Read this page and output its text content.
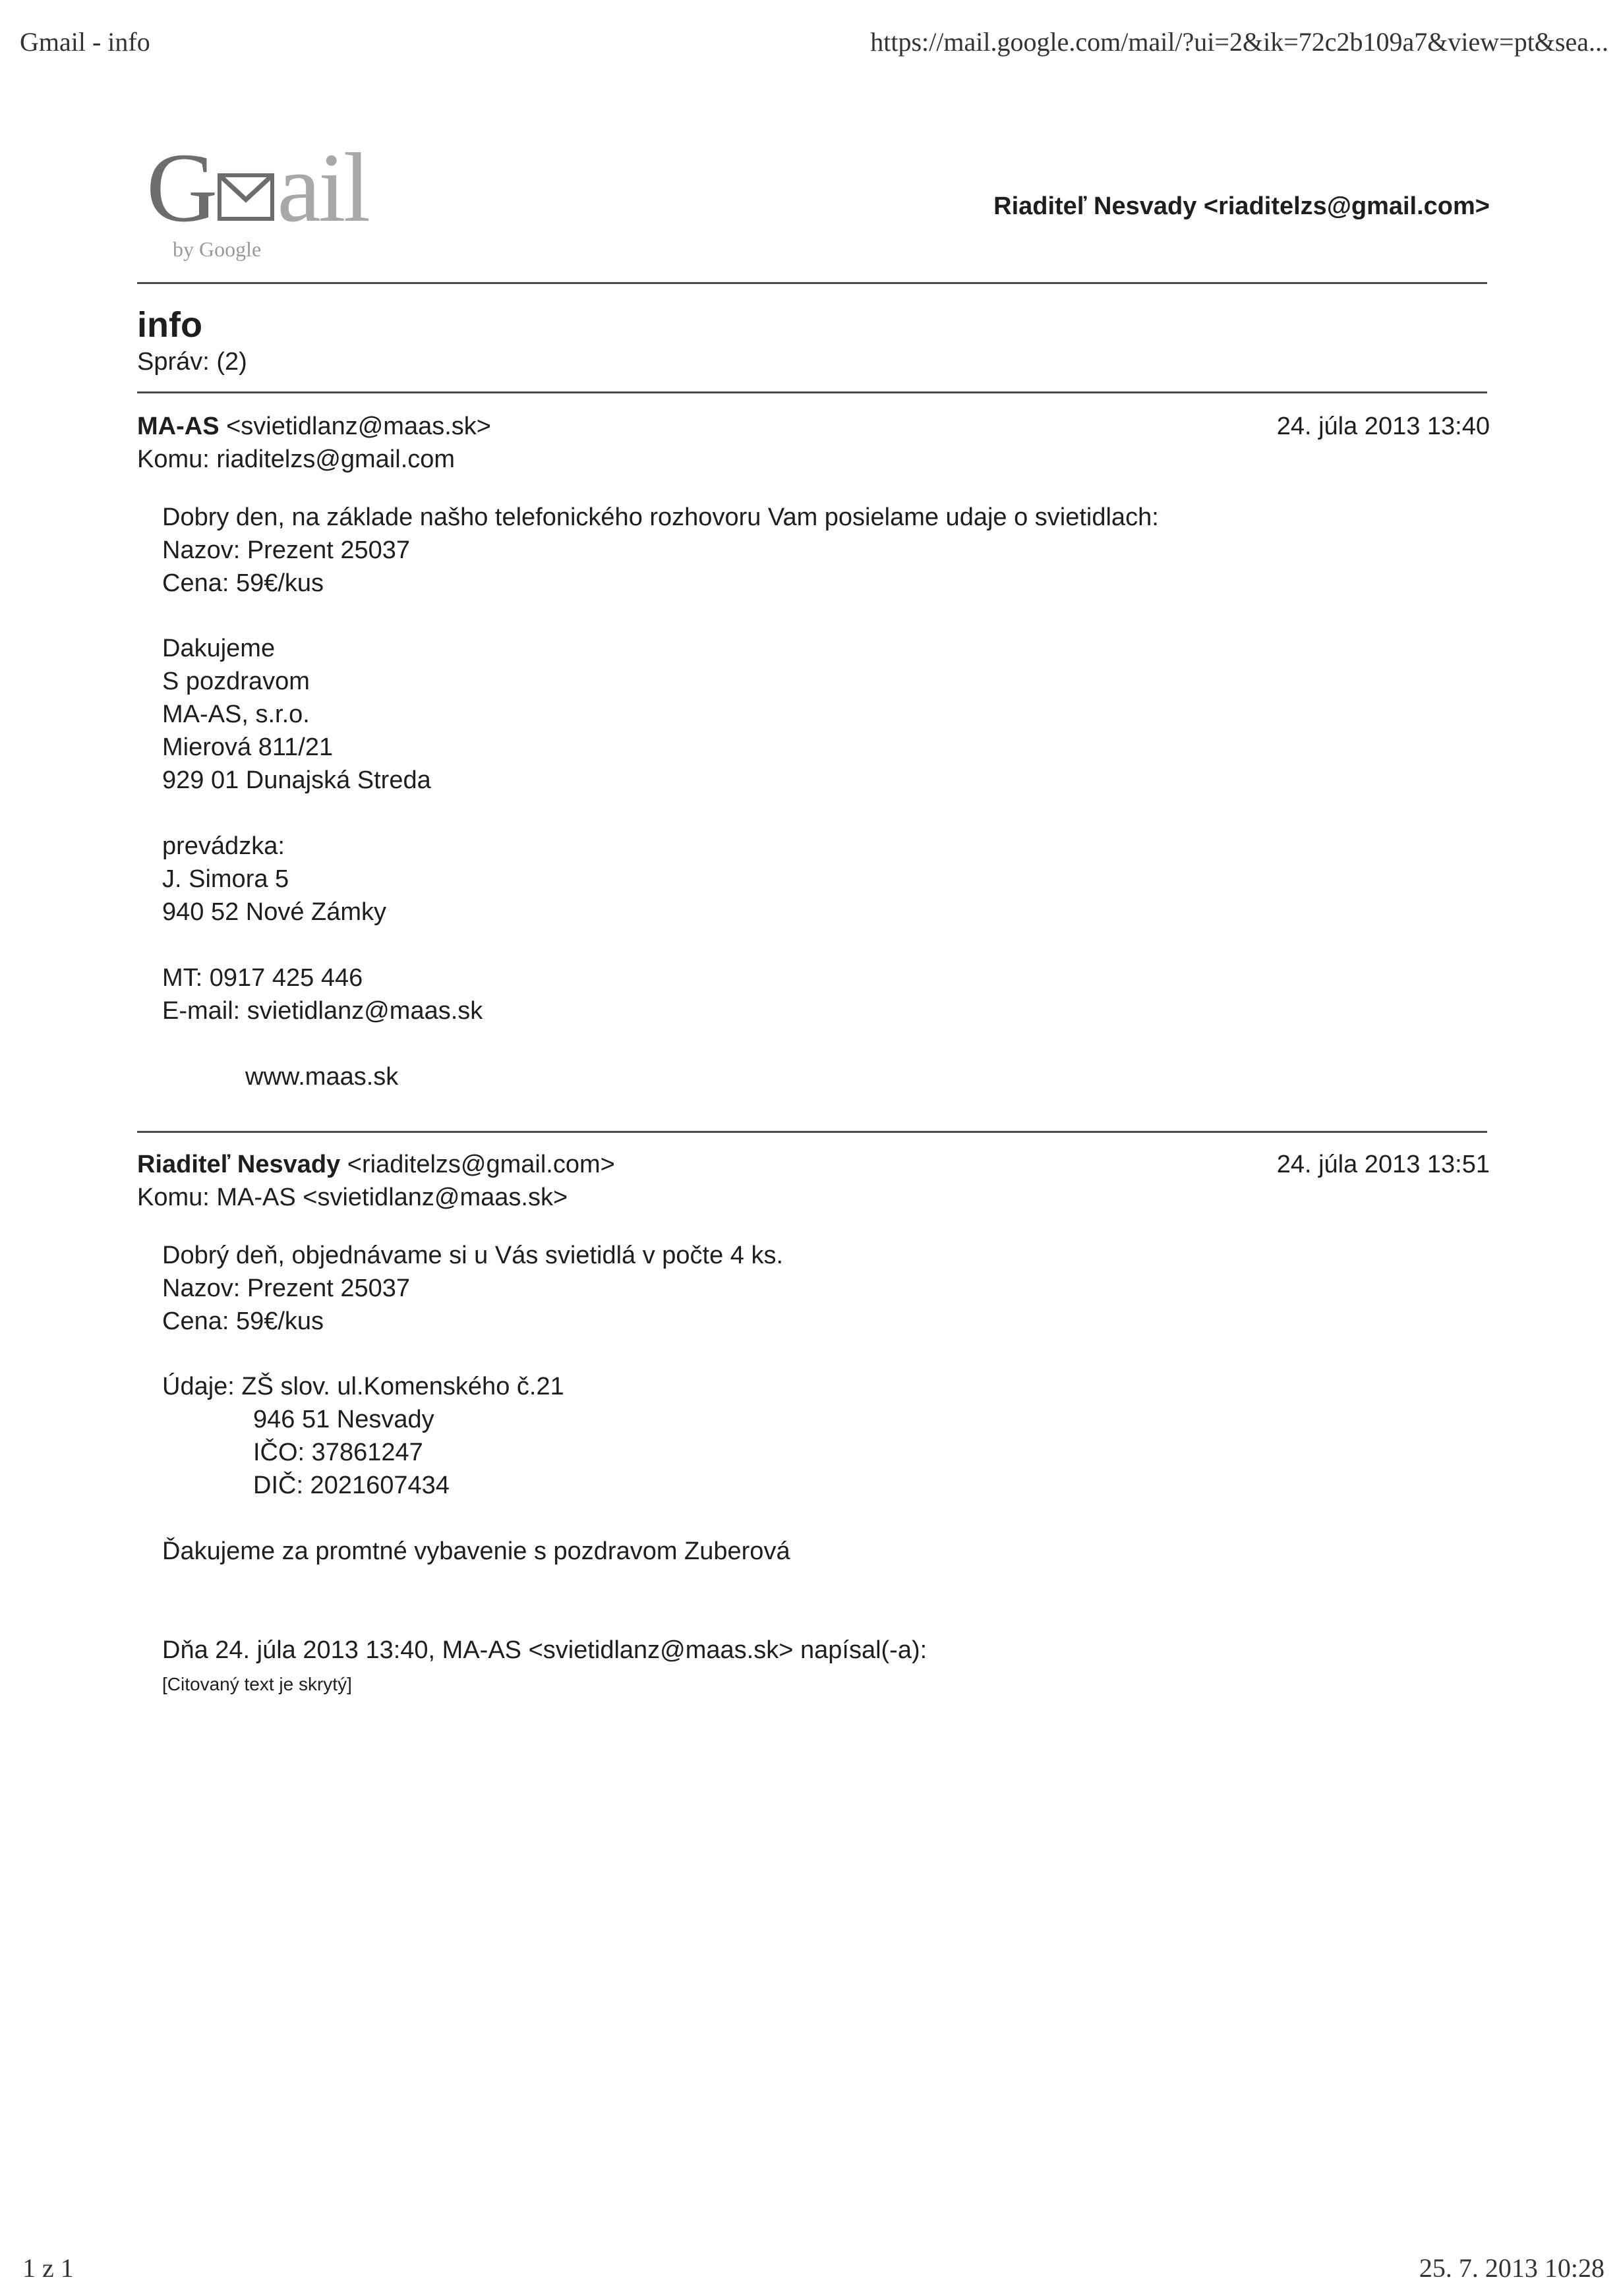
Gmail - info	https://mail.google.com/mail/?ui=2&ik=72c2b109a7&view=pt&sea...
G ail
by Google
Riaditeľ Nesvady <riaditelzs@gmail.com>
info
Správ: (2)
MA-AS <svietidlanz@maas.sk>	24. júla 2013 13:40
Komu: riaditelzs@gmail.com
Dobry den, na základe našho telefonického rozhovoru Vam posielame udaje o svietidlach:
Nazov: Prezent 25037
Cena: 59€/kus
Dakujeme
S pozdravom
MA-AS, s.r.o.
Mierová 811/21
929 01 Dunajská Streda
prevádzka:
J. Simora 5
940 52 Nové Zámky
MT: 0917 425 446
E-mail: svietidlanz@maas.sk
www.maas.sk
Riaditeľ Nesvady <riaditelzs@gmail.com>	24. júla 2013 13:51
Komu: MA-AS <svietidlanz@maas.sk>
Dobrý deň, objednávame si u Vás svietidlá v počte 4 ks.
Nazov: Prezent 25037
Cena: 59€/kus
Údaje: ZŠ slov. ul.Komenského č.21
946 51 Nesvady
IČO: 37861247
DIČ: 2021607434
Ďakujeme za promtné vybavenie s pozdravom Zuberová
Dňa 24. júla 2013 13:40, MA-AS <svietidlanz@maas.sk> napísal(-a):
[Citovaný text je skrytý]
1 z 1	25. 7. 2013 10:28
